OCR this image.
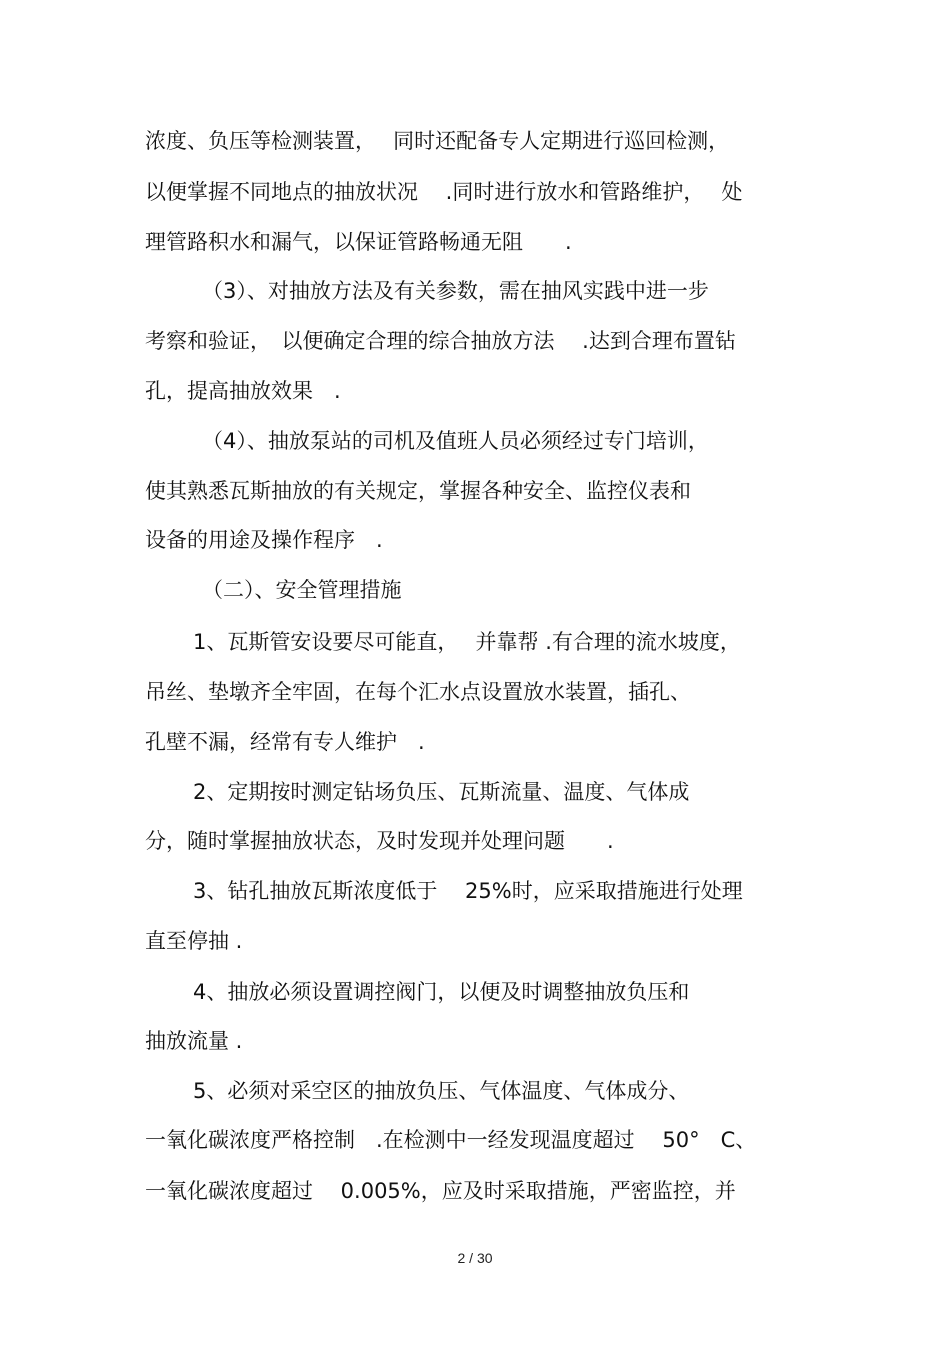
浓度、负压等检测装置，　 同时还配备专人定期进行巡回检测，

以便掌握不同地点的抽放状况　 .同时进行放水和管路维护，　 处

理管路积水和漏气，以保证管路畅通无阻　　.

（3）、对抽放方法及有关参数，需在抽风实践中进一步

考察和验证，　以便确定合理的综合抽放方法　 .达到合理布置钻

孔，提高抽放效果　.

（4）、抽放泵站的司机及值班人员必须经过专门培训，

使其熟悉瓦斯抽放的有关规定，掌握各种安全、监控仪表和

设备的用途及操作程序　.

（二）、安全管理措施

1、瓦斯管安设要尽可能直，　 并靠帮 .有合理的流水坡度，

吊丝、垫墩齐全牢固，在每个汇水点设置放水装置，插孔、

孔壁不漏，经常有专人维护　.

2、定期按时测定钻场负压、瓦斯流量、温度、气体成

分，随时掌握抽放状态，及时发现并处理问题　　.

3、钻孔抽放瓦斯浓度低于　 25%时，应采取措施进行处理

直至停抽 .

4、抽放必须设置调控阀门，以便及时调整抽放负压和

抽放流量 .

5、必须对采空区的抽放负压、气体温度、气体成分、

一氧化碳浓度严格控制　.在检测中一经发现温度超过　 50°　C、

一氧化碳浓度超过　 0.005%，应及时采取措施，严密监控，并

2 / 30
